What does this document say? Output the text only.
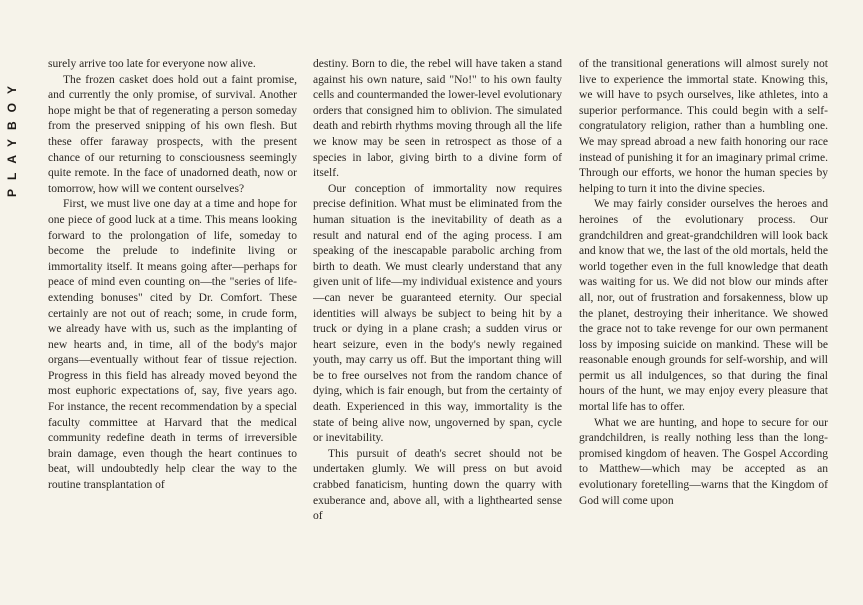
PLAYBOY

surely arrive too late for everyone now alive.

The frozen casket does hold out a faint promise, and currently the only promise, of survival. Another hope might be that of regenerating a person someday from the preserved snipping of his own flesh. But these offer faraway prospects, with the present chance of our returning to consciousness seemingly quite remote. In the face of unadorned death, now or tomorrow, how will we content ourselves?

First, we must live one day at a time and hope for one piece of good luck at a time. This means looking forward to the prolongation of life, someday to become the prelude to indefinite living or immortality itself. It means going after—perhaps for peace of mind even counting on—the "series of life-extending bonuses" cited by Dr. Comfort. These certainly are not out of reach; some, in crude form, we already have with us, such as the implanting of new hearts and, in time, all of the body's major organs—eventually without fear of tissue rejection. Progress in this field has already moved beyond the most euphoric expectations of, say, five years ago. For instance, the recent recommendation by a special faculty committee at Harvard that the medical community redefine death in terms of irreversible brain damage, even though the heart continues to beat, will undoubtedly help clear the way to the routine transplantation of

destiny. Born to die, the rebel will have taken a stand against his own nature, said "No!" to his own faulty cells and countermanded the lower-level evolutionary orders that consigned him to oblivion. The simulated death and rebirth rhythms moving through all the life we know may be seen in retrospect as those of a species in labor, giving birth to a divine form of itself.

Our conception of immortality now requires precise definition. What must be eliminated from the human situation is the inevitability of death as a result and natural end of the aging process. I am speaking of the inescapable parabolic arching from birth to death. We must clearly understand that any given unit of life—my individual existence and yours—can never be guaranteed eternity. Our special identities will always be subject to being hit by a truck or dying in a plane crash; a sudden virus or heart seizure, even in the body's newly regained youth, may carry us off. But the important thing will be to free ourselves not from the random chance of dying, which is fair enough, but from the certainty of death. Experienced in this way, immortality is the state of being alive now, ungoverned by span, cycle or inevitability.

This pursuit of death's secret should not be undertaken glumly. We will press on but avoid crabbed fanaticism, hunting down the quarry with exuberance and, above all, with a lighthearted sense of

of the transitional generations will almost surely not live to experience the immortal state. Knowing this, we will have to psych ourselves, like athletes, into a superior performance. This could begin with a self-congratulatory religion, rather than a humbling one. We may spread abroad a new faith honoring our race instead of punishing it for an imaginary primal crime. Through our efforts, we honor the human species by helping to turn it into the divine species.

We may fairly consider ourselves the heroes and heroines of the evolutionary process. Our grandchildren and great-grandchildren will look back and know that we, the last of the old mortals, held the world together even in the full knowledge that death was waiting for us. We did not blow our minds after all, nor, out of frustration and forsakenness, blow up the planet, destroying their inheritance. We showed the grace not to take revenge for our own permanent loss by imposing suicide on mankind. These will be reasonable enough grounds for self-worship, and will permit us all indulgences, so that during the final hours of the hunt, we may enjoy every pleasure that mortal life has to offer.

What we are hunting, and hope to secure for our grandchildren, is really nothing less than the long-promised kingdom of heaven. The Gospel According to Matthew—which may be accepted as an evolutionary foretelling—warns that the Kingdom of God will come upon
